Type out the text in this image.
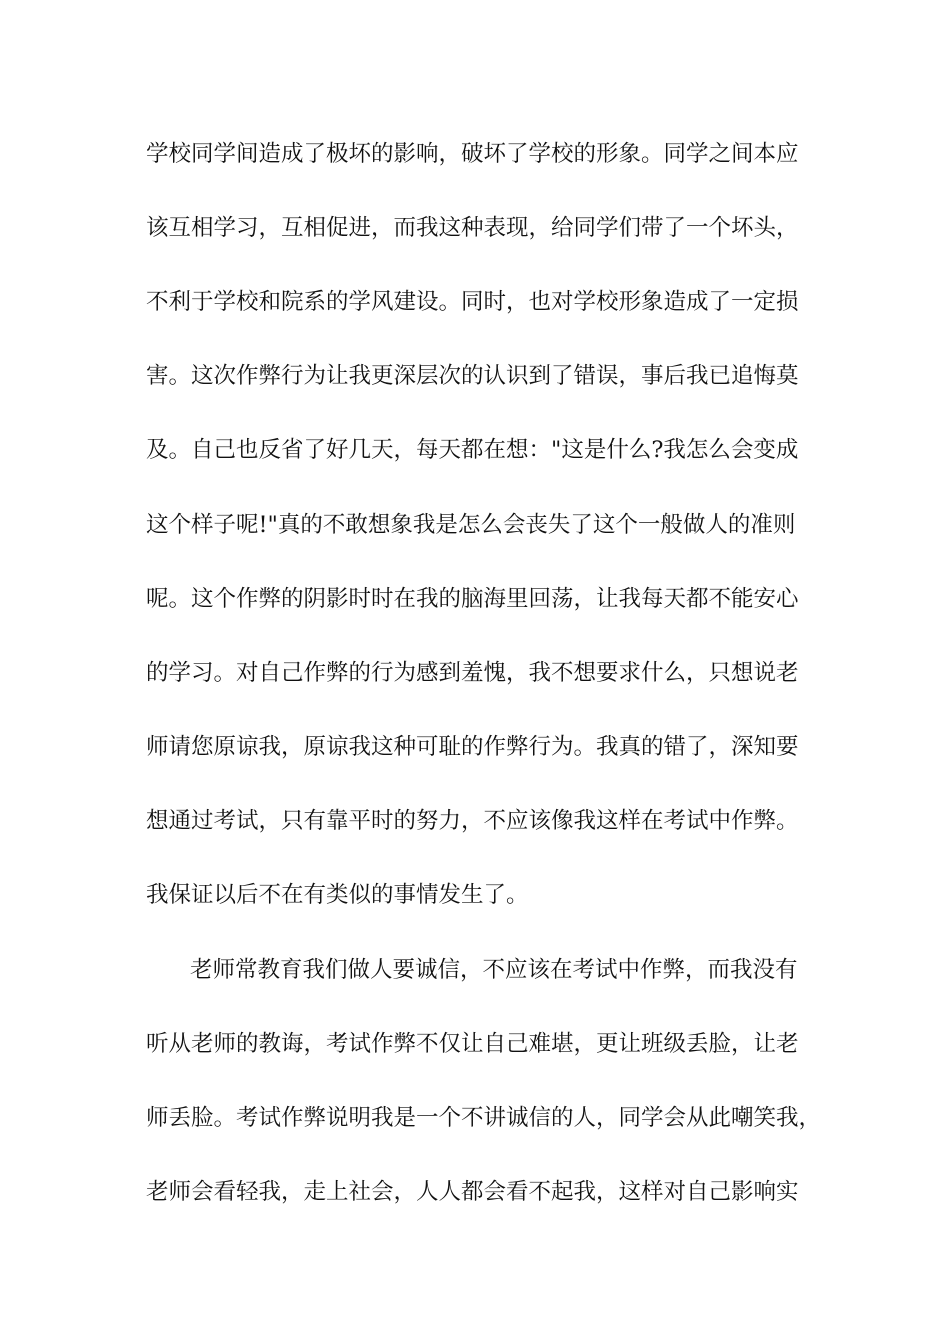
学校同学间造成了极坏的影响，破坏了学校的形象。同学之间本应
该互相学习，互相促进，而我这种表现，给同学们带了一个坏头，
不利于学校和院系的学风建设。同时，也对学校形象造成了一定损
害。这次作弊行为让我更深层次的认识到了错误，事后我已追悔莫
及。自己也反省了好几天，每天都在想："这是什么?我怎么会变成
这个样子呢!"真的不敢想象我是怎么会丧失了这个一般做人的准则
呢。这个作弊的阴影时时在我的脑海里回荡，让我每天都不能安心
的学习。对自己作弊的行为感到羞愧，我不想要求什么，只想说老
师请您原谅我，原谅我这种可耻的作弊行为。我真的错了，深知要
想通过考试，只有靠平时的努力，不应该像我这样在考试中作弊。
我保证以后不在有类似的事情发生了。
老师常教育我们做人要诚信，不应该在考试中作弊，而我没有
听从老师的教诲，考试作弊不仅让自己难堪，更让班级丢脸，让老
师丢脸。考试作弊说明我是一个不讲诚信的人，同学会从此嘲笑我，
老师会看轻我，走上社会，人人都会看不起我，这样对自己影响实
